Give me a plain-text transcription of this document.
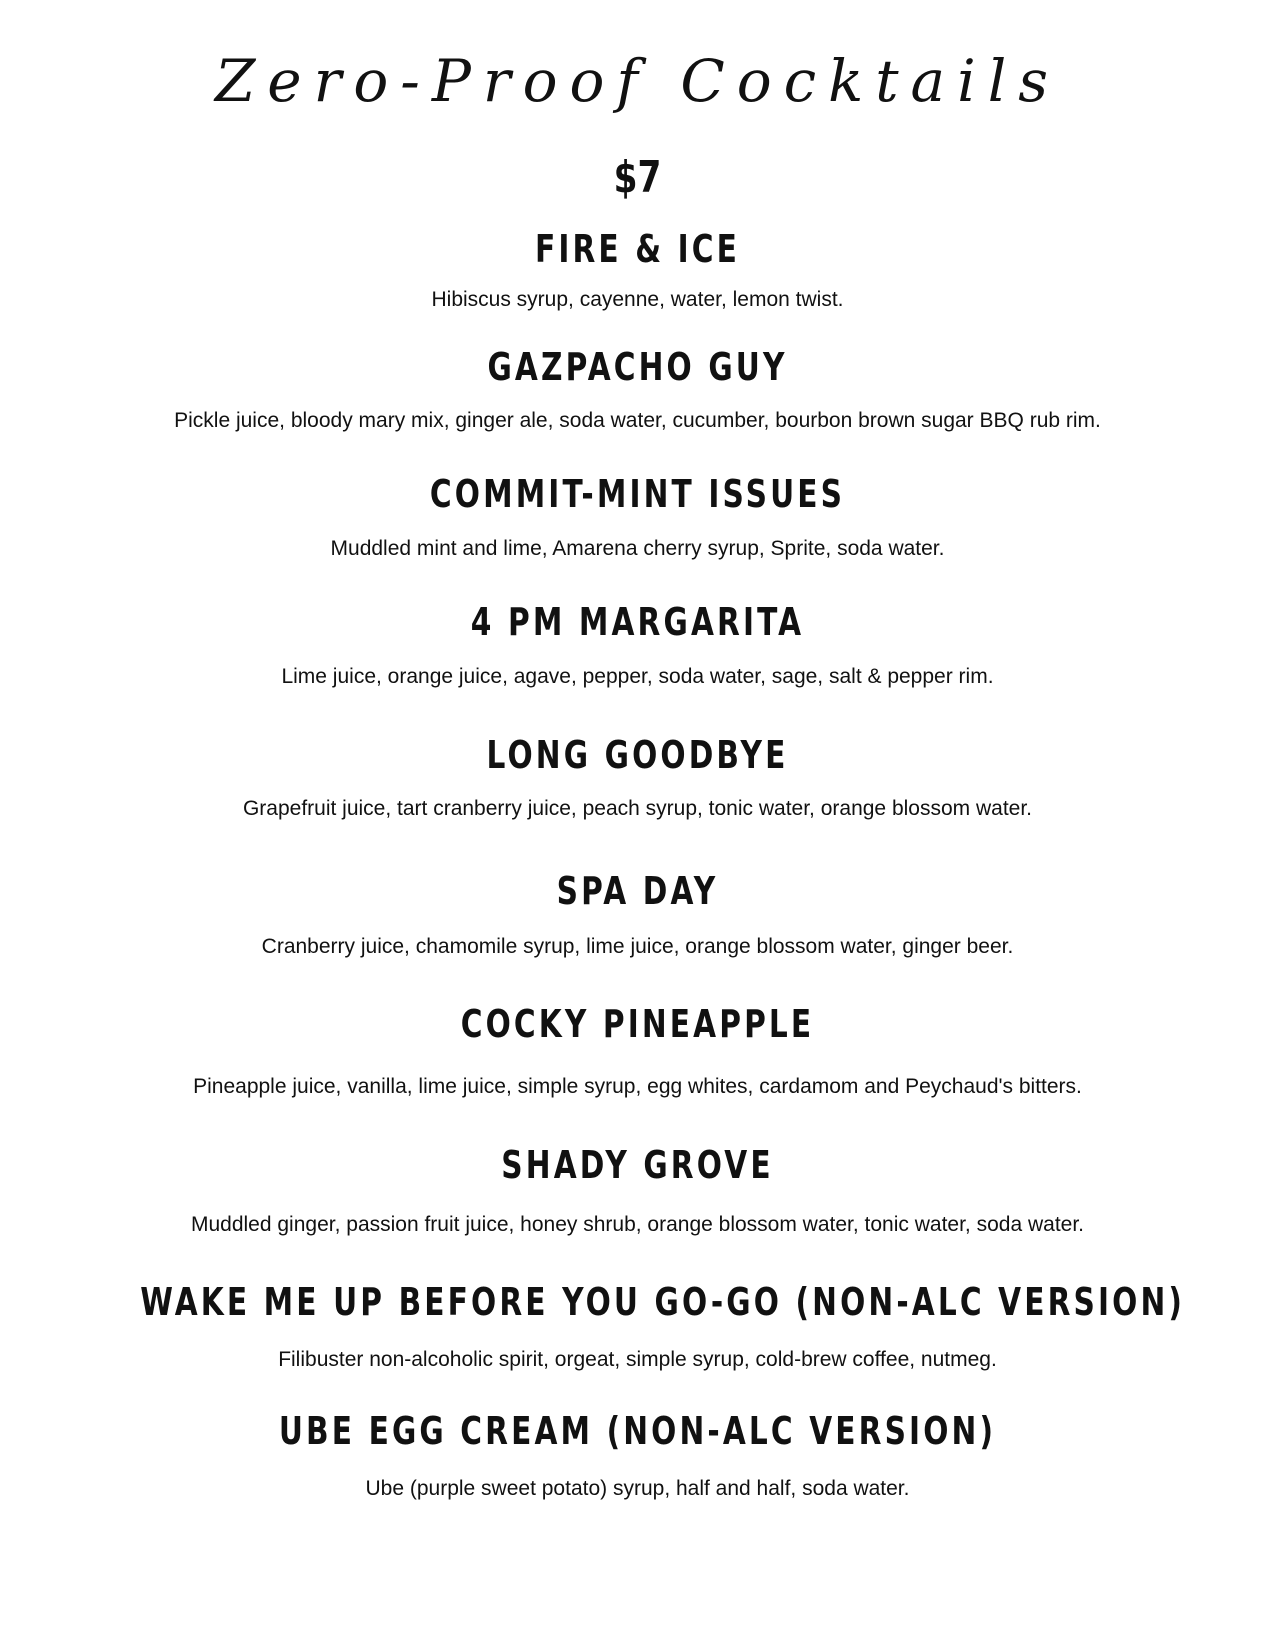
Zero-Proof Cocktails
$7
FIRE & ICE
Hibiscus syrup, cayenne, water, lemon twist.
GAZPACHO GUY
Pickle juice, bloody mary mix, ginger ale, soda water, cucumber, bourbon brown sugar BBQ rub rim.
COMMIT-MINT ISSUES
Muddled mint and lime, Amarena cherry syrup, Sprite, soda water.
4 PM MARGARITA
Lime juice, orange juice, agave, pepper, soda water, sage, salt & pepper rim.
LONG GOODBYE
Grapefruit juice, tart cranberry juice, peach syrup, tonic water, orange blossom water.
SPA DAY
Cranberry juice, chamomile syrup, lime juice, orange blossom water, ginger beer.
COCKY PINEAPPLE
Pineapple juice, vanilla, lime juice, simple syrup, egg whites, cardamom and Peychaud's bitters.
SHADY GROVE
Muddled ginger, passion fruit juice, honey shrub, orange blossom water, tonic water, soda water.
WAKE ME UP BEFORE YOU GO-GO (NON-ALC VERSION)
Filibuster non-alcoholic spirit, orgeat, simple syrup, cold-brew coffee, nutmeg.
UBE EGG CREAM (NON-ALC VERSION)
Ube (purple sweet potato) syrup, half and half, soda water.
